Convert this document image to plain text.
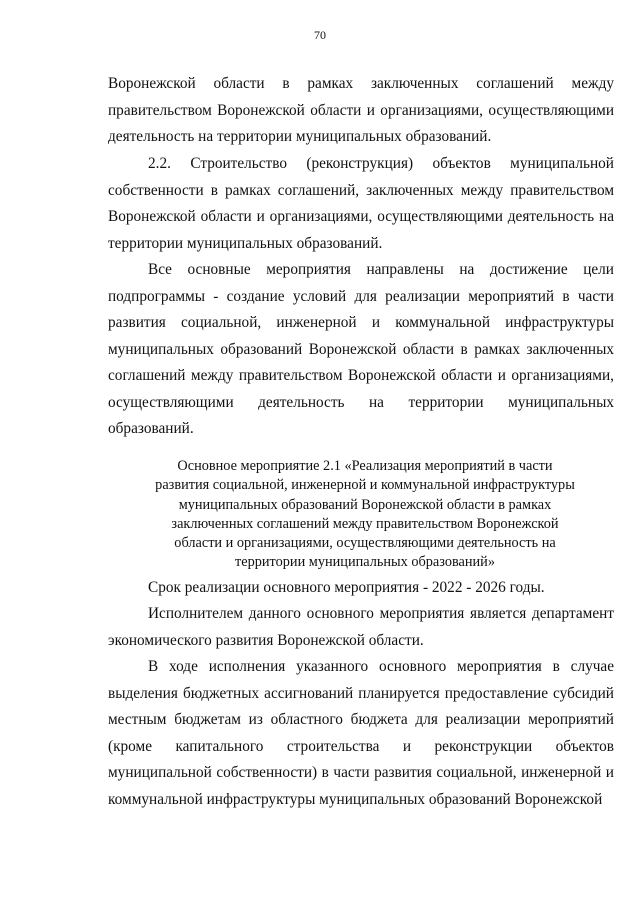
70

Воронежской области в рамках заключенных соглашений между правительством Воронежской области и организациями, осуществляющими деятельность на территории муниципальных образований.

2.2. Строительство (реконструкция) объектов муниципальной собственности в рамках соглашений, заключенных между правительством Воронежской области и организациями, осуществляющими деятельность на территории муниципальных образований.

Все основные мероприятия направлены на достижение цели подпрограммы - создание условий для реализации мероприятий в части развития социальной, инженерной и коммунальной инфраструктуры муниципальных образований Воронежской области в рамках заключенных соглашений между правительством Воронежской области и организациями, осуществляющими деятельность на территории муниципальных образований.

Основное мероприятие 2.1 «Реализация мероприятий в части развития социальной, инженерной и коммунальной инфраструктуры муниципальных образований Воронежской области в рамках заключенных соглашений между правительством Воронежской области и организациями, осуществляющими деятельность на территории муниципальных образований»

Срок реализации основного мероприятия - 2022 - 2026 годы.

Исполнителем данного основного мероприятия является департамент экономического развития Воронежской области.

В ходе исполнения указанного основного мероприятия в случае выделения бюджетных ассигнований планируется предоставление субсидий местным бюджетам из областного бюджета для реализации мероприятий (кроме капитального строительства и реконструкции объектов муниципальной собственности) в части развития социальной, инженерной и коммунальной инфраструктуры муниципальных образований Воронежской
